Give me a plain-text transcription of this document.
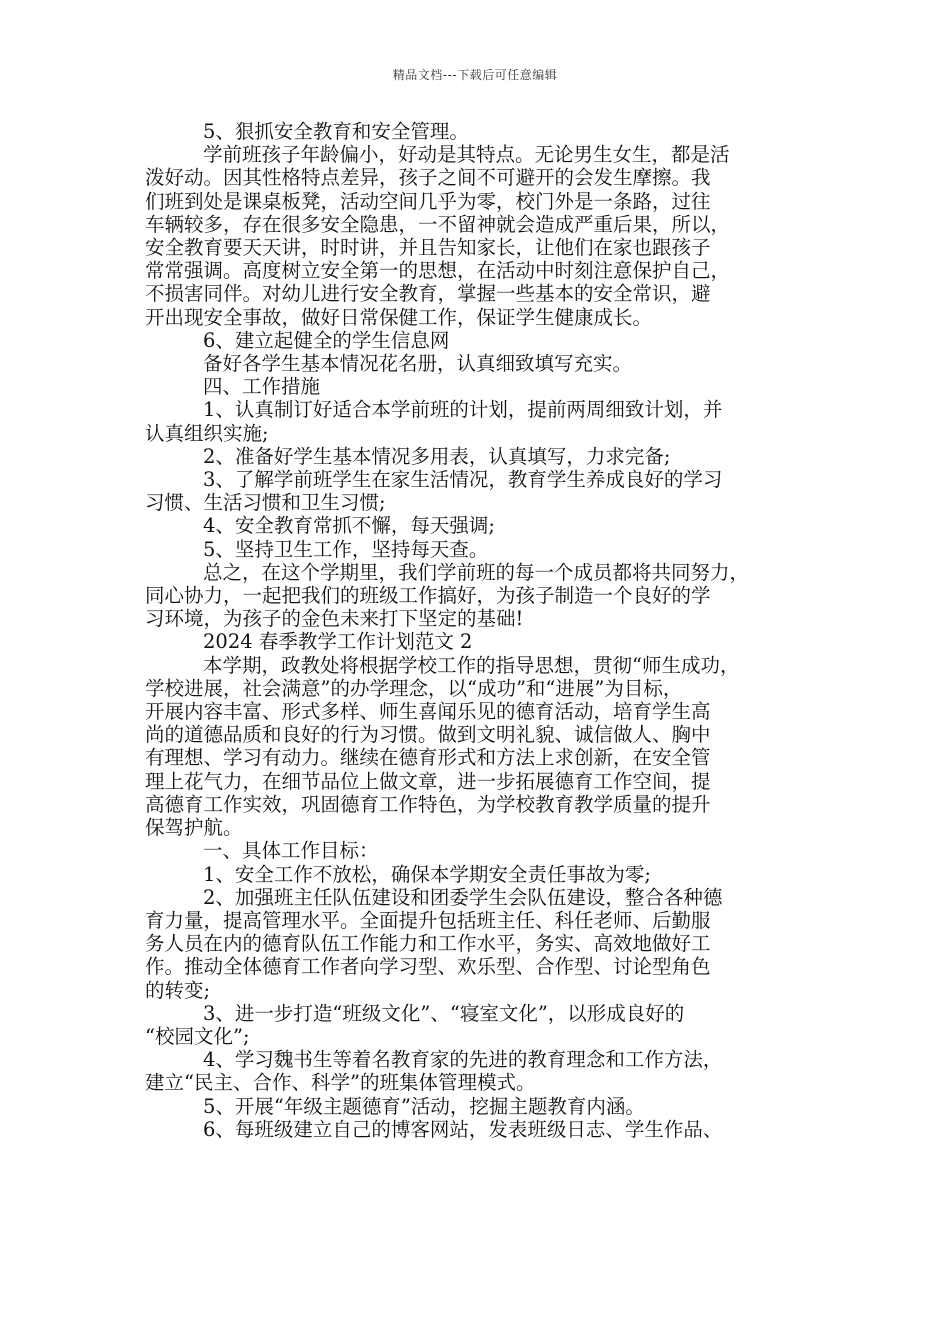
精品文档---下载后可任意编辑
5、狠抓安全教育和安全管理。
学前班孩子年龄偏小，好动是其特点。无论男生女生，都是活
泼好动。因其性格特点差异，孩子之间不可避开的会发生摩擦。我
们班到处是课桌板凳，活动空间几乎为零，校门外是一条路，过往
车辆较多，存在很多安全隐患，一不留神就会造成严重后果，所以，
安全教育要天天讲，时时讲，并且告知家长，让他们在家也跟孩子
常常强调。高度树立安全第一的思想，在活动中时刻注意保护自己，
不损害同伴。对幼儿进行安全教育，掌握一些基本的安全常识，避
开出现安全事故，做好日常保健工作，保证学生健康成长。
6、建立起健全的学生信息网
备好各学生基本情况花名册，认真细致填写充实。
四、工作措施
1、认真制订好适合本学前班的计划，提前两周细致计划，并
认真组织实施;
2、准备好学生基本情况多用表，认真填写，力求完备;
3、了解学前班学生在家生活情况，教育学生养成良好的学习
习惯、生活习惯和卫生习惯;
4、安全教育常抓不懈，每天强调;
5、坚持卫生工作，坚持每天查。
总之，在这个学期里，我们学前班的每一个成员都将共同努力，
同心协力，一起把我们的班级工作搞好，为孩子制造一个良好的学
习环境，为孩子的金色未来打下坚定的基础!
2024 春季教学工作计划范文 2
本学期，政教处将根据学校工作的指导思想，贯彻“师生成功，
学校进展，社会满意”的办学理念，以“成功”和“进展”为目标，
开展内容丰富、形式多样、师生喜闻乐见的德育活动，培育学生高
尚的道德品质和良好的行为习惯。做到文明礼貌、诚信做人、胸中
有理想、学习有动力。继续在德育形式和方法上求创新，在安全管
理上花气力，在细节品位上做文章，进一步拓展德育工作空间，提
高德育工作实效，巩固德育工作特色，为学校教育教学质量的提升
保驾护航。
一、具体工作目标：
1、安全工作不放松，确保本学期安全责任事故为零;
2、加强班主任队伍建设和团委学生会队伍建设，整合各种德
育力量，提高管理水平。全面提升包括班主任、科任老师、后勤服
务人员在内的德育队伍工作能力和工作水平，务实、高效地做好工
作。推动全体德育工作者向学习型、欢乐型、合作型、讨论型角色
的转变;
3、进一步打造“班级文化”、“寝室文化”，以形成良好的
“校园文化”;
4、学习魏书生等着名教育家的先进的教育理念和工作方法，
建立“民主、合作、科学”的班集体管理模式。
5、开展“年级主题德育”活动，挖掘主题教育内涵。
6、每班级建立自己的博客网站，发表班级日志、学生作品、
